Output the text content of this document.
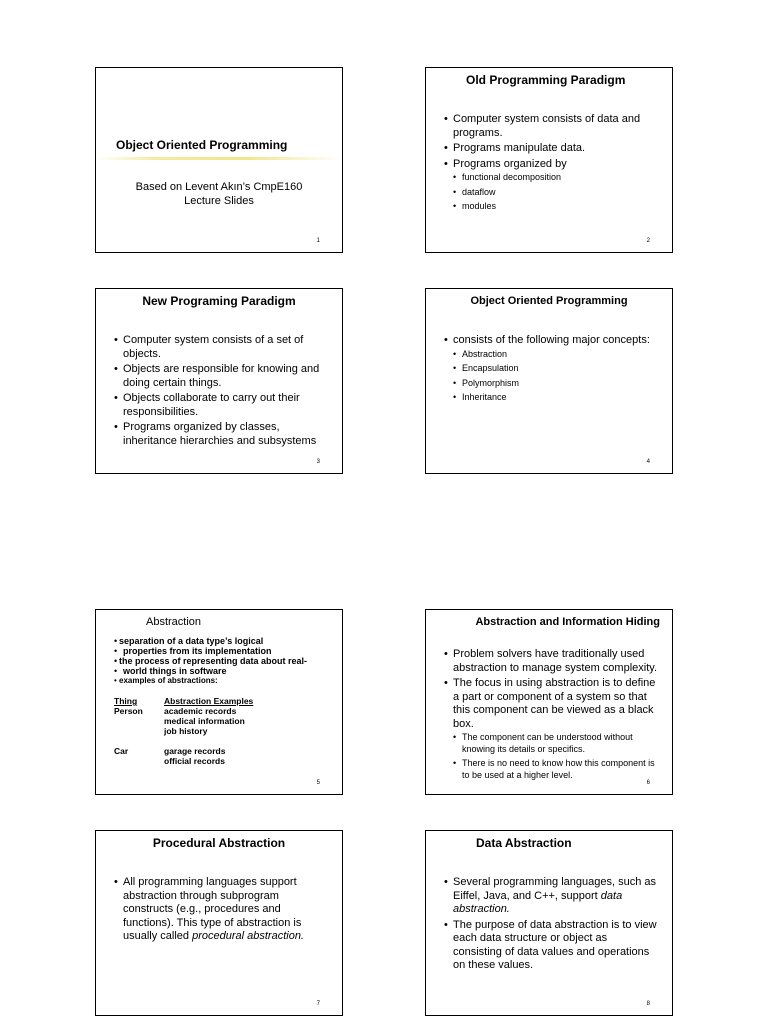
Object Oriented Programming
Based on Levent Akın’s CmpE160
Lecture Slides
1
Old Programming Paradigm
• Computer system consists of data and programs.
• Programs manipulate data.
• Programs organized by
• functional decomposition
• dataflow
• modules
2
New Programing Paradigm
• Computer system consists of a set of objects.
• Objects are responsible for knowing and doing certain things.
• Objects collaborate to carry out their responsibilities.
• Programs organized by classes, inheritance hierarchies and subsystems
3
Object Oriented Programming
• consists of the following major concepts:
• Abstraction
• Encapsulation
• Polymorphism
• Inheritance
4
Abstraction
• separation of a data type’s logical
• properties from its implementation
• the process of representing data about real-
• world things in software
• examples of abstractions:
Thing	Abstraction Examples
Person	academic records
medical information
job history
Car	garage records
official records
5
Abstraction and Information Hiding
• Problem solvers have traditionally used abstraction to manage system complexity.
• The focus in using abstraction is to define a part or component of a system so that this component can be viewed as a black box.
• The component can be understood without knowing its details or specifics.
• There is no need to know how this component is to be used at a higher level.
6
Procedural Abstraction
• All programming languages support abstraction through subprogram constructs (e.g., procedures and functions). This type of abstraction is usually called procedural abstraction.
7
Data Abstraction
• Several programming languages, such as Eiffel, Java, and C++, support data abstraction.
• The purpose of data abstraction is to view each data structure or object as consisting of data values and operations on these values.
8
